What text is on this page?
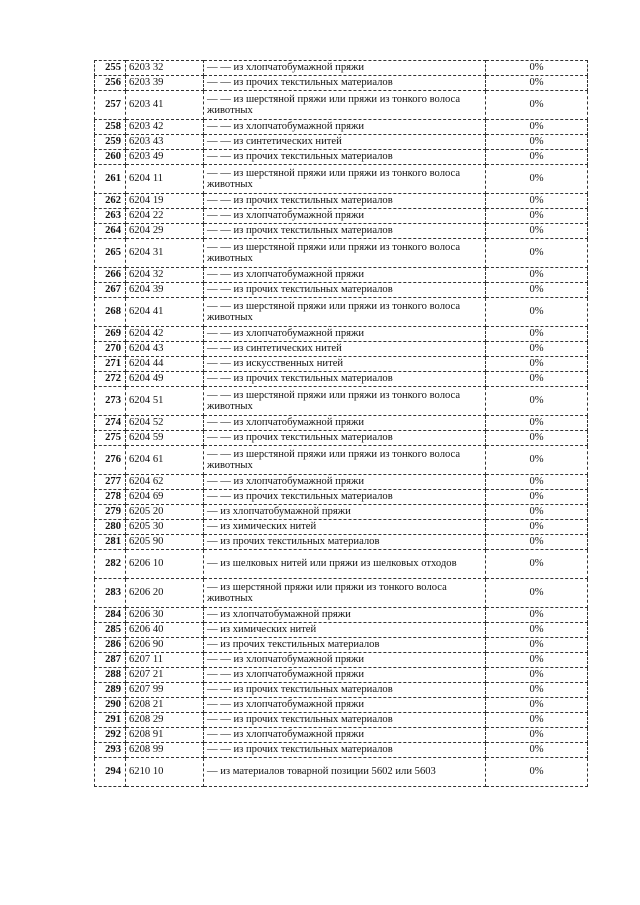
255	6203 32	— — из хлопчатобумажной пряжи	0%
256	6203 39	— — из прочих текстильных материалов	0%
257	6203 41	— — из шерстяной пряжи или пряжи из тонкого волоса животных	0%
258	6203 42	— — из хлопчатобумажной пряжи	0%
259	6203 43	— — из синтетических нитей	0%
260	6203 49	— — из прочих текстильных материалов	0%
261	6204 11	— — из шерстяной пряжи или пряжи из тонкого волоса животных	0%
262	6204 19	— — из прочих текстильных материалов	0%
263	6204 22	— — из хлопчатобумажной пряжи	0%
264	6204 29	— — из прочих текстильных материалов	0%
265	6204 31	— — из шерстяной пряжи или пряжи из тонкого волоса животных	0%
266	6204 32	— — из хлопчатобумажной пряжи	0%
267	6204 39	— — из прочих текстильных материалов	0%
268	6204 41	— — из шерстяной пряжи или пряжи из тонкого волоса животных	0%
269	6204 42	— — из хлопчатобумажной пряжи	0%
270	6204 43	— — из синтетических нитей	0%
271	6204 44	— — из искусственных нитей	0%
272	6204 49	— — из прочих текстильных материалов	0%
273	6204 51	— — из шерстяной пряжи или пряжи из тонкого волоса животных	0%
274	6204 52	— — из хлопчатобумажной пряжи	0%
275	6204 59	— — из прочих текстильных материалов	0%
276	6204 61	— — из шерстяной пряжи или пряжи из тонкого волоса животных	0%
277	6204 62	— — из хлопчатобумажной пряжи	0%
278	6204 69	— — из прочих текстильных материалов	0%
279	6205 20	— из хлопчатобумажной пряжи	0%
280	6205 30	— из химических нитей	0%
281	6205 90	— из прочих текстильных материалов	0%
282	6206 10	— из шелковых нитей или пряжи из шелковых отходов	0%
283	6206 20	— из шерстяной пряжи или пряжи из тонкого волоса животных	0%
284	6206 30	— из хлопчатобумажной пряжи	0%
285	6206 40	— из химических нитей	0%
286	6206 90	— из прочих текстильных материалов	0%
287	6207 11	— — из хлопчатобумажной пряжи	0%
288	6207 21	— — из хлопчатобумажной пряжи	0%
289	6207 99	— — из прочих текстильных материалов	0%
290	6208 21	— — из хлопчатобумажной пряжи	0%
291	6208 29	— — из прочих текстильных материалов	0%
292	6208 91	— — из хлопчатобумажной пряжи	0%
293	6208 99	— — из прочих текстильных материалов	0%
294	6210 10	— из материалов товарной позиции 5602 или 5603	0%
